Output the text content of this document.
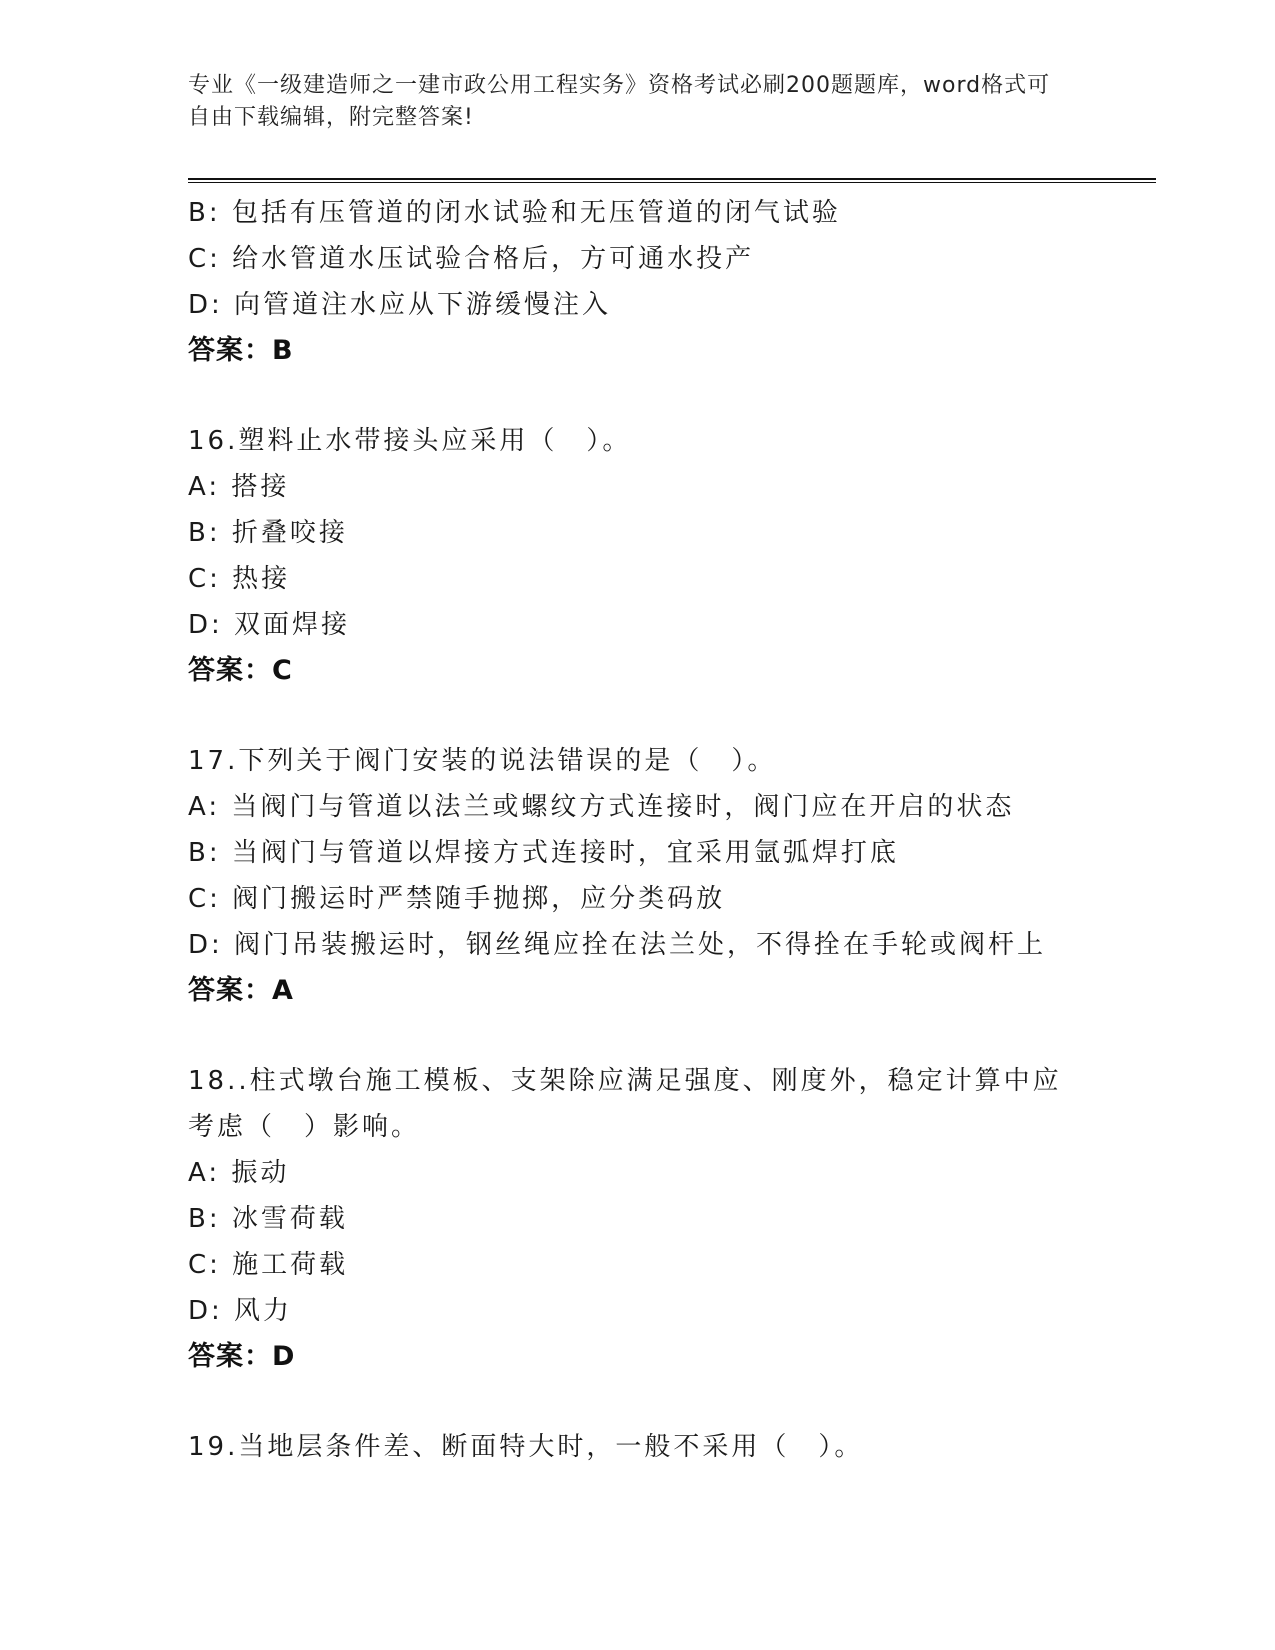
专业《一级建造师之一建市政公用工程实务》资格考试必刷200题题库，word格式可自由下载编辑，附完整答案!
B: 包括有压管道的闭水试验和无压管道的闭气试验
C: 给水管道水压试验合格后，方可通水投产
D: 向管道注水应从下游缓慢注入
答案：B
16.塑料止水带接头应采用（　）。
A: 搭接
B: 折叠咬接
C: 热接
D: 双面焊接
答案：C
17.下列关于阀门安装的说法错误的是（　）。
A: 当阀门与管道以法兰或螺纹方式连接时，阀门应在开启的状态
B: 当阀门与管道以焊接方式连接时，宜采用氩弧焊打底
C: 阀门搬运时严禁随手抛掷，应分类码放
D: 阀门吊装搬运时，钢丝绳应拴在法兰处，不得拴在手轮或阀杆上
答案：A
18..柱式墩台施工模板、支架除应满足强度、刚度外，稳定计算中应
考虑（　）影响。
A: 振动
B: 冰雪荷载
C: 施工荷载
D: 风力
答案：D
19.当地层条件差、断面特大时，一般不采用（　）。
